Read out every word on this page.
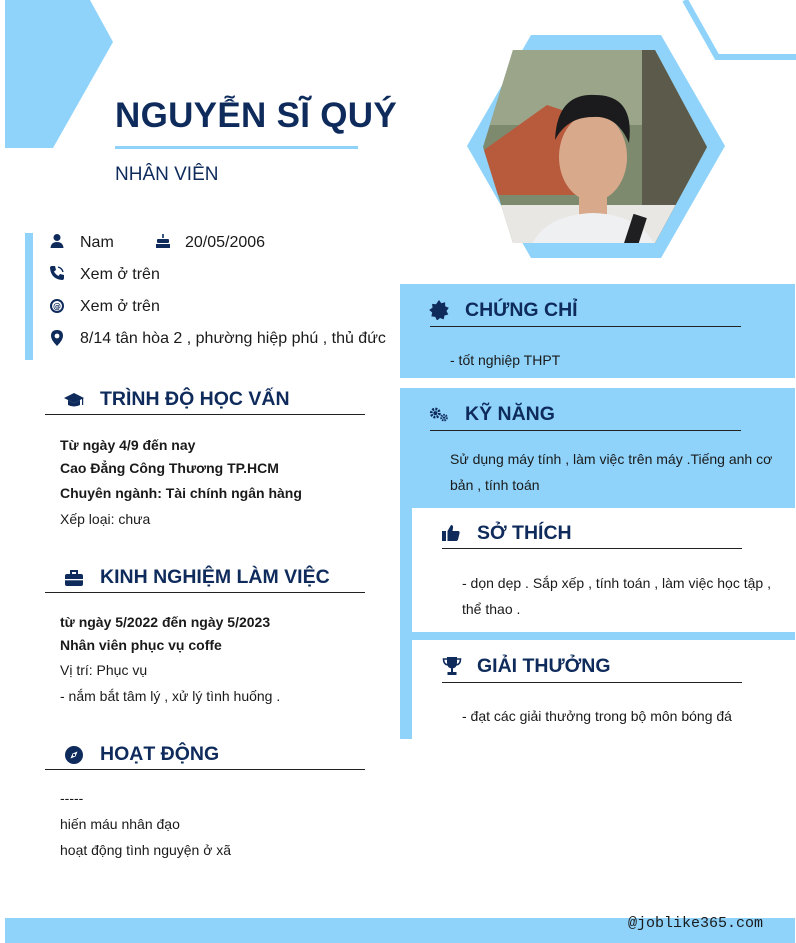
NGUYỄN SĨ QUÝ
NHÂN VIÊN
Nam	20/05/2006
Xem ở trên
@ Xem ở trên
8/14 tân hòa 2 , phường hiệp phú , thủ đức
TRÌNH ĐỘ HỌC VẤN
Từ ngày 4/9 đến nay
Cao Đẳng Công Thương TP.HCM
Chuyên ngành: Tài chính ngân hàng
Xếp loại: chưa
KINH NGHIỆM LÀM VIỆC
từ ngày 5/2022 đến ngày 5/2023
Nhân viên phục vụ coffe
Vị trí: Phục vụ
- nắm bắt tâm lý , xử lý tình huống .
HOẠT ĐỘNG
-----
hiến máu nhân đạo
hoạt động tình nguyện ở xã
CHỨNG CHỈ
- tốt nghiệp THPT
KỸ NĂNG
Sử dụng máy tính , làm việc trên máy .Tiếng anh cơ bản , tính toán
SỞ THÍCH
- dọn dẹp . Sắp xếp , tính toán , làm việc học tập , thể thao .
GIẢI THƯỞNG
- đạt các giải thưởng trong bộ môn bóng đá
@joblike365.com
